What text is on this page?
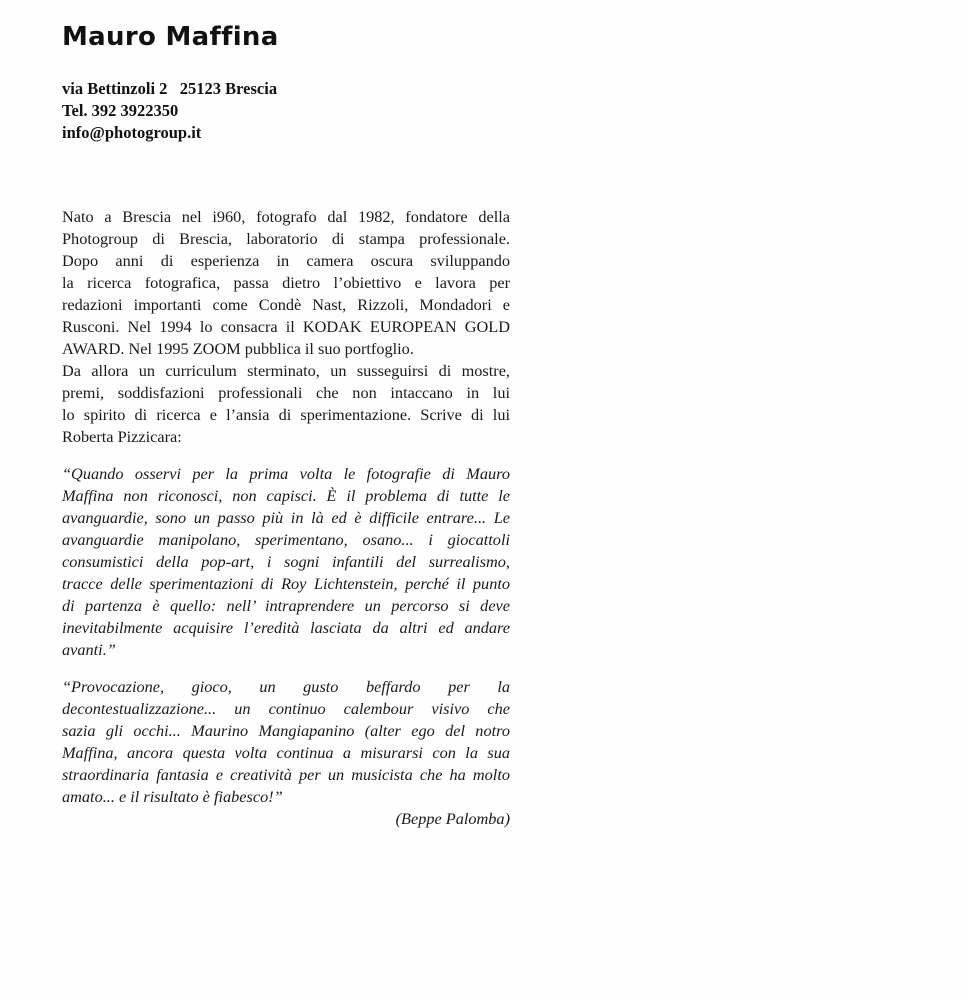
Mauro Maffina
via Bettinzoli 2   25123 Brescia
Tel. 392 3922350
info@photogroup.it
Nato a Brescia nel i960, fotografo dal 1982, fondatore della
Photogroup di Brescia, laboratorio di stampa professionale.
Dopo anni di esperienza in camera oscura sviluppando
la ricerca fotografica, passa dietro l’obiettivo e lavora per
redazioni importanti come Condè Nast, Rizzoli, Mondadori e
Rusconi. Nel 1994 lo consacra il KODAK EUROPEAN GOLD
AWARD. Nel 1995 ZOOM pubblica il suo portfoglio.
Da allora un curriculum sterminato, un susseguirsi di mostre,
premi, soddisfazioni professionali che non intaccano in lui
lo spirito di ricerca e l’ansia di sperimentazione. Scrive di lui
Roberta Pizzicara:
“Quando osservi per la prima volta le fotografie di Mauro
Maffina non riconosci, non capisci. È il problema di tutte le
avanguardie, sono un passo più in là ed è difficile entrare... Le
avanguardie manipolano, sperimentano, osano... i giocattoli
consumistici della pop-art, i sogni infantili del surrealismo,
tracce delle sperimentazioni di Roy Lichtenstein, perché il punto
di partenza è quello: nell’ intraprendere un percorso si deve
inevitabilmente acquisire l’eredità lasciata da altri ed andare
avanti.”
“Provocazione, gioco, un gusto beffardo per la
decontestualizzazione... un continuo calembour visivo che
sazia gli occhi... Maurino Mangiapanino (alter ego del notro
Maffina, ancora questa volta continua a misurarsi con la sua
straordinaria fantasia e creatività per un musicista che ha molto
amato... e il risultato è fiabesco!”
(Beppe Palomba)
